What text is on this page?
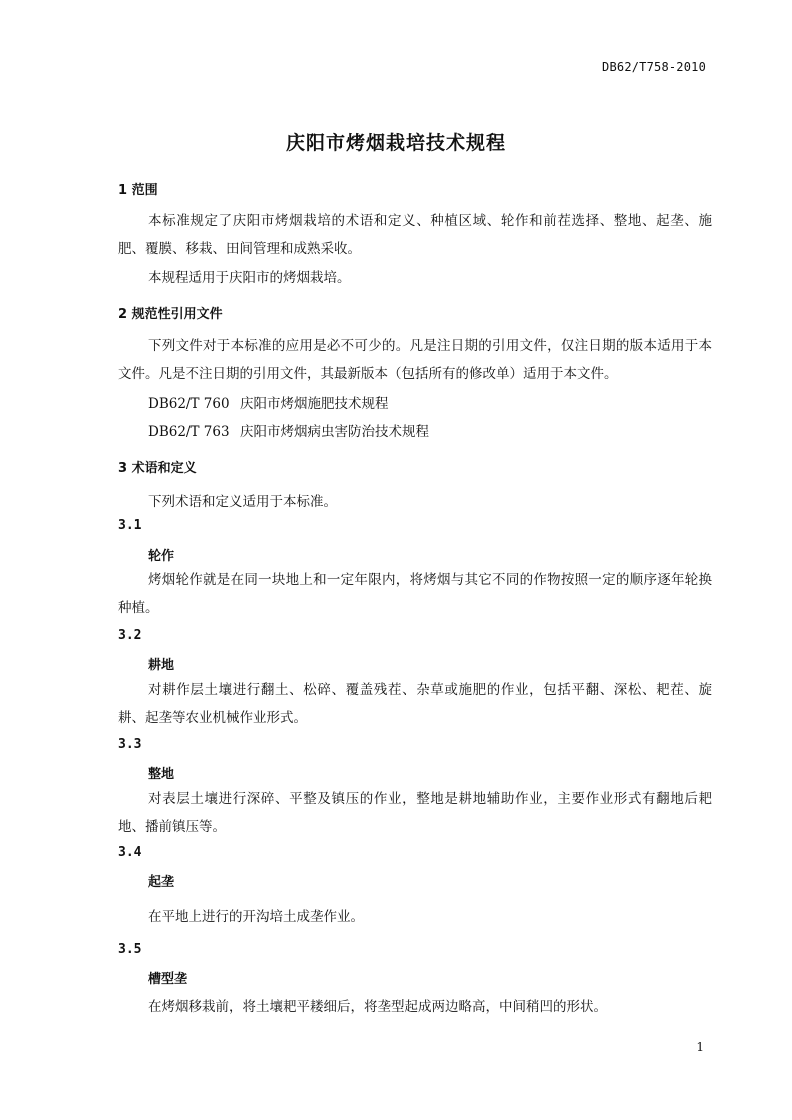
DB62/T758-2010
庆阳市烤烟栽培技术规程
1 范围
本标准规定了庆阳市烤烟栽培的术语和定义、种植区域、轮作和前茬选择、整地、起垄、施肥、覆膜、移栽、田间管理和成熟采收。
本规程适用于庆阳市的烤烟栽培。
2 规范性引用文件
下列文件对于本标准的应用是必不可少的。凡是注日期的引用文件，仅注日期的版本适用于本文件。凡是不注日期的引用文件，其最新版本（包括所有的修改单）适用于本文件。
DB62/T 760 庆阳市烤烟施肥技术规程
DB62/T 763 庆阳市烤烟病虫害防治技术规程
3 术语和定义
下列术语和定义适用于本标准。
3.1
轮作
烤烟轮作就是在同一块地上和一定年限内，将烤烟与其它不同的作物按照一定的顺序逐年轮换种植。
3.2
耕地
对耕作层土壤进行翻土、松碎、覆盖残茬、杂草或施肥的作业，包括平翻、深松、耙茬、旋耕、起垄等农业机械作业形式。
3.3
整地
对表层土壤进行深碎、平整及镇压的作业，整地是耕地辅助作业，主要作业形式有翻地后耙地、播前镇压等。
3.4
起垄
在平地上进行的开沟培土成垄作业。
3.5
槽型垄
在烤烟移栽前，将土壤耙平耧细后，将垄型起成两边略高，中间稍凹的形状。
1
